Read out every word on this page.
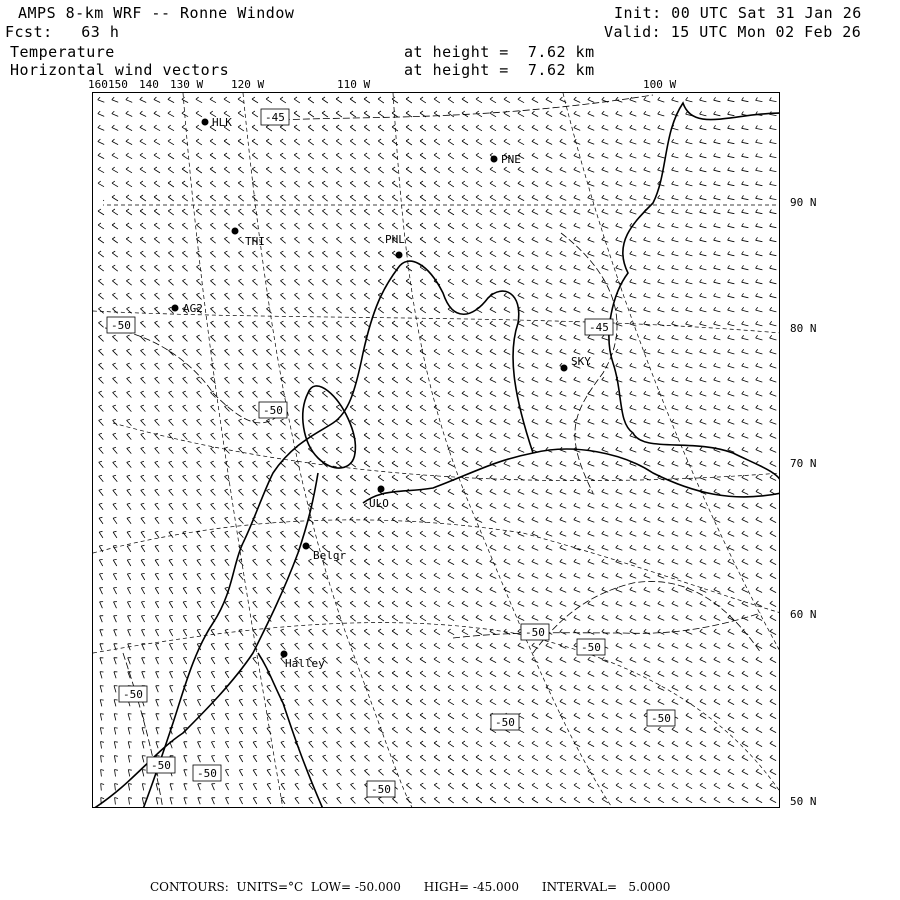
AMPS 8-km WRF -- Ronne Window
Fcst:   63 h
Temperature
Horizontal wind vectors
at height =  7.62 km
at height =  7.62 km
Init: 00 UTC Sat 31 Jan 26
Valid: 15 UTC Mon 02 Feb 26
160 150 140 130 W	120 W	110 W	100 W
90 N
80 N
70 N
60 N
50 N
HLK
PNE
THI	PHL
AG2
SKY
ULO
Belgr
Halley
-45
-50	-45
-50
-50
-50
-50
-50	-50
-50
-50
-50
CONTOURS:  UNITS=°C  LOW= -50.000      HIGH= -45.000      INTERVAL=   5.0000
